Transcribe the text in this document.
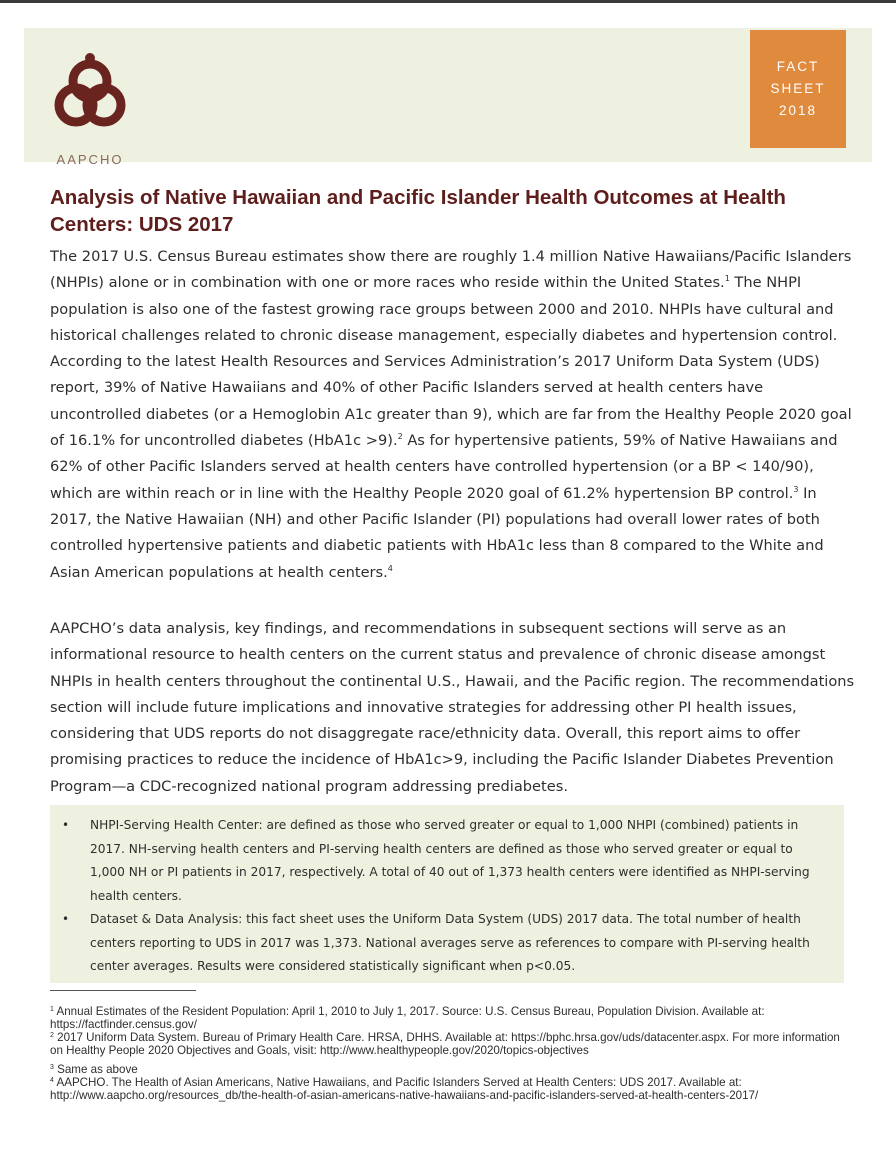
AAPCHO
FACT
SHEET
2018
Analysis of Native Hawaiian and Pacific Islander Health Outcomes at Health Centers: UDS 2017

The 2017 U.S. Census Bureau estimates show there are roughly 1.4 million Native Hawaiians/Pacific Islanders (NHPIs) alone or in combination with one or more races who reside within the United States.$^1$ The NHPI population is also one of the fastest growing race groups between 2000 and 2010. NHPIs have cultural and historical challenges related to chronic disease management, especially diabetes and hypertension control. According to the latest Health Resources and Services Administration’s 2017 Uniform Data System (UDS) report, 39% of Native Hawaiians and 40% of other Pacific Islanders served at health centers have uncontrolled diabetes (or a Hemoglobin A1c greater than 9), which are far from the Healthy People 2020 goal of 16.1% for uncontrolled diabetes (HbA1c >9).$^2$ As for hypertensive patients, 59% of Native Hawaiians and 62% of other Pacific Islanders served at health centers have controlled hypertension (or a BP < 140/90), which are within reach or in line with the Healthy People 2020 goal of 61.2% hypertension BP control.$^3$ In 2017, the Native Hawaiian (NH) and other Pacific Islander (PI) populations had overall lower rates of both controlled hypertensive patients and diabetic patients with HbA1c less than 8 compared to the White and Asian American populations at health centers.$^4$

AAPCHO’s data analysis, key findings, and recommendations in subsequent sections will serve as an informational resource to health centers on the current status and prevalence of chronic disease amongst NHPIs in health centers throughout the continental U.S., Hawaii, and the Pacific region. The recommendations section will include future implications and innovative strategies for addressing other PI health issues, considering that UDS reports do not disaggregate race/ethnicity data. Overall, this report aims to offer promising practices to reduce the incidence of HbA1c>9, including the Pacific Islander Diabetes Prevention Program—a CDC-recognized national program addressing prediabetes.

• NHPI-Serving Health Center: are defined as those who served greater or equal to 1,000 NHPI (combined) patients in 2017. NH-serving health centers and PI-serving health centers are defined as those who served greater or equal to 1,000 NH or PI patients in 2017, respectively. A total of 40 out of 1,373 health centers were identified as NHPI-serving health centers.

• Dataset & Data Analysis: this fact sheet uses the Uniform Data System (UDS) 2017 data. The total number of health centers reporting to UDS in 2017 was 1,373. National averages serve as references to compare with PI-serving health center averages. Results were considered statistically significant when p<0.05.

$^1$ Annual Estimates of the Resident Population: April 1, 2010 to July 1, 2017. Source: U.S. Census Bureau, Population Division. Available at: https://factfinder.census.gov/

$^2$ 2017 Uniform Data System. Bureau of Primary Health Care. HRSA, DHHS. Available at: https://bphc.hrsa.gov/uds/datacenter.aspx. For more information on Healthy People 2020 Objectives and Goals, visit: http://www.healthypeople.gov/2020/topics-objectives

$^3$ Same as above

$^4$ AAPCHO. The Health of Asian Americans, Native Hawaiians, and Pacific Islanders Served at Health Centers: UDS 2017. Available at: http://www.aapcho.org/resources_db/the-health-of-asian-americans-native-hawaiians-and-pacific-islanders-served-at-health-centers-2017/
